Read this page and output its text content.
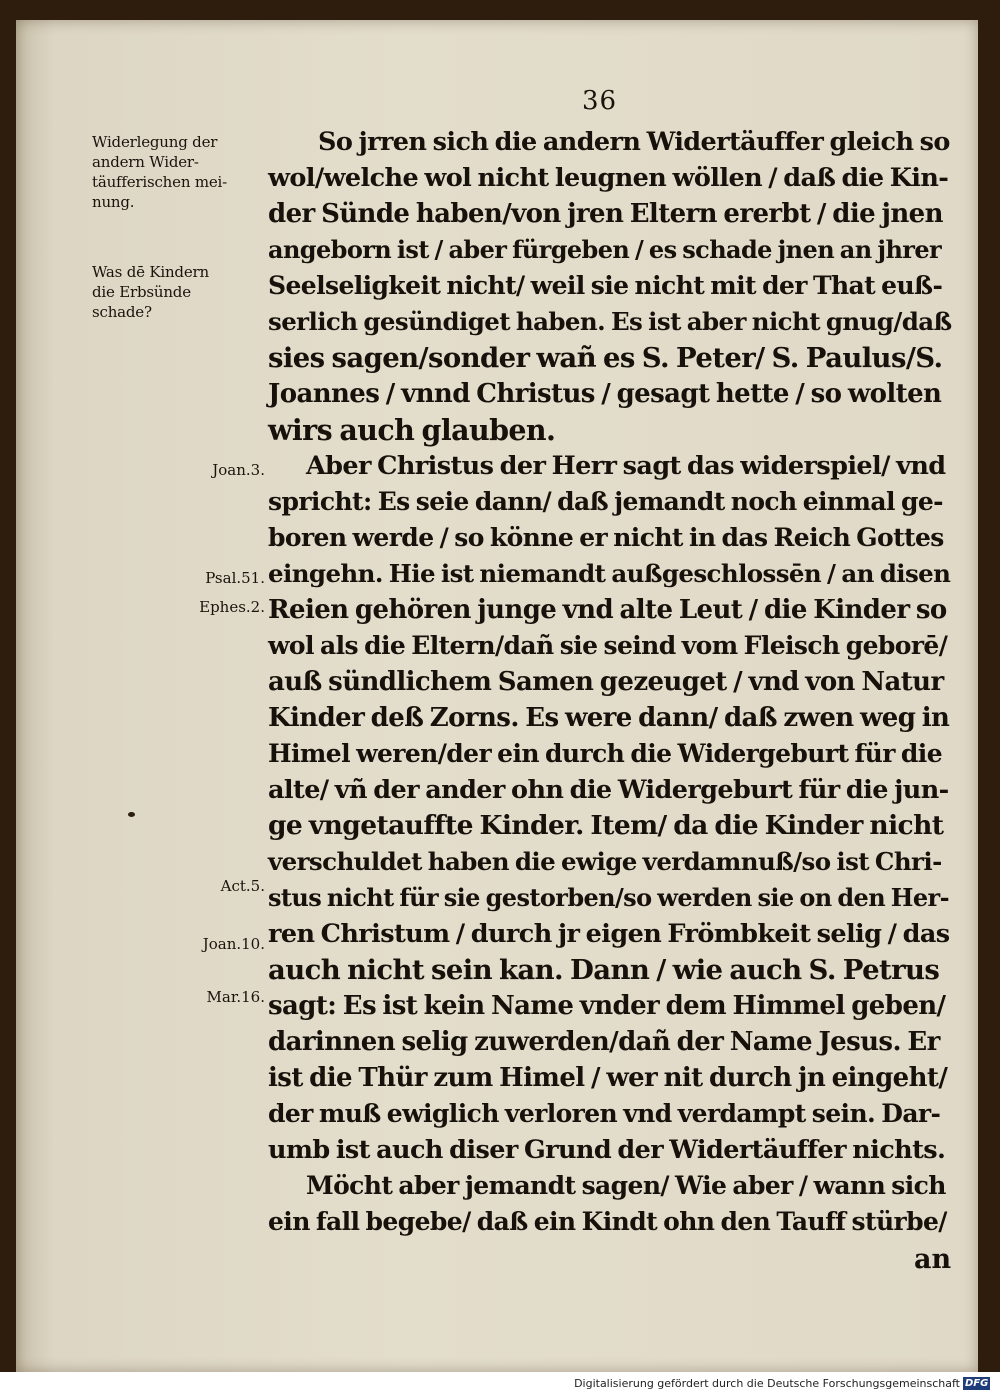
36
Widerlegung der
andern Wider-
täufferischen mei-
nung.
Was dē Kindern
die Erbsünde
schade?
Joan.3.
Psal.51.
Ephes.2.
Act.5.
Joan.10.
Mar.16.
So jrren sich die andern Widertäuffer gleich so
wol/welche wol nicht leugnen wöllen / daß die Kin-
der Sünde haben/von jren Eltern ererbt / die jnen
angeborn ist / aber fürgeben / es schade jnen an jhrer
Seelseligkeit nicht/ weil sie nicht mit der That euß-
serlich gesündiget haben. Es ist aber nicht gnug/daß
sies sagen/sonder wañ es S. Peter/ S. Paulus/S.
Joannes / vnnd Christus / gesagt hette / so wolten
wirs auch glauben.
Aber Christus der Herr sagt das widerspiel/ vnd
spricht: Es seie dann/ daß jemandt noch einmal ge-
boren werde / so könne er nicht in das Reich Gottes
eingehn. Hie ist niemandt außgeschlossēn / an disen
Reien gehören junge vnd alte Leut / die Kinder so
wol als die Eltern/dañ sie seind vom Fleisch geborē/
auß sündlichem Samen gezeuget / vnd von Natur
Kinder deß Zorns. Es were dann/ daß zwen weg in
Himel weren/der ein durch die Widergeburt für die
alte/ vñ der ander ohn die Widergeburt für die jun-
ge vngetauffte Kinder. Item/ da die Kinder nicht
verschuldet haben die ewige verdamnuß/so ist Chri-
stus nicht für sie gestorben/so werden sie on den Her-
ren Christum / durch jr eigen Frömbkeit selig / das
auch nicht sein kan. Dann / wie auch S. Petrus
sagt: Es ist kein Name vnder dem Himmel geben/
darinnen selig zuwerden/dañ der Name Jesus. Er
ist die Thür zum Himel / wer nit durch jn eingeht/
der muß ewiglich verloren vnd verdampt sein. Dar-
umb ist auch diser Grund der Widertäuffer nichts.
Möcht aber jemandt sagen/ Wie aber / wann sich
ein fall begebe/ daß ein Kindt ohn den Tauff stürbe/
an
Digitalisierung gefördert durch die Deutsche Forschungsgemeinschaft DFG
